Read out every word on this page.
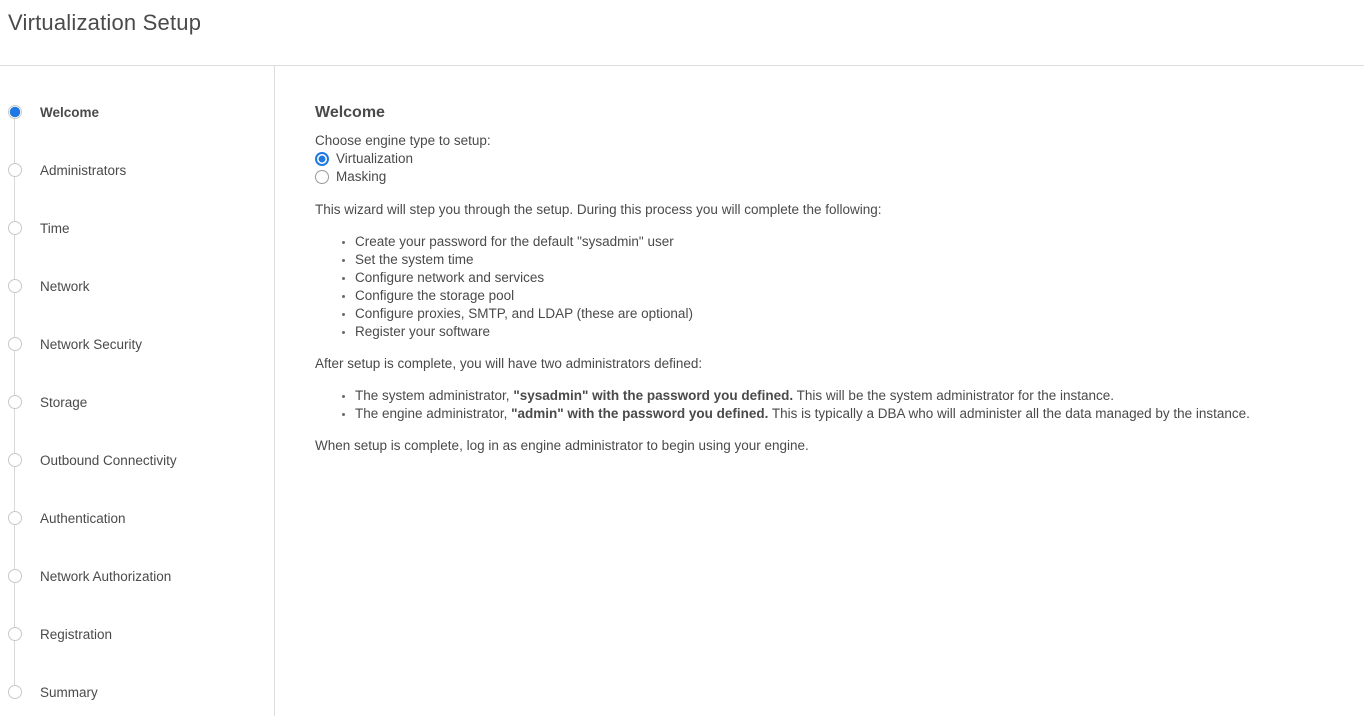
Virtualization Setup
Welcome
Administrators
Time
Network
Network Security
Storage
Outbound Connectivity
Authentication
Network Authorization
Registration
Summary
Welcome

Choose engine type to setup:

Virtualization
Masking

This wizard will step you through the setup. During this process you will complete the following:

• Create your password for the default "sysadmin" user
• Set the system time
• Configure network and services
• Configure the storage pool
• Configure proxies, SMTP, and LDAP (these are optional)
• Register your software

After setup is complete, you will have two administrators defined:

• The system administrator, "sysadmin" with the password you defined. This will be the system administrator for the instance.
• The engine administrator, "admin" with the password you defined. This is typically a DBA who will administer all the data managed by the instance.

When setup is complete, log in as engine administrator to begin using your engine.
